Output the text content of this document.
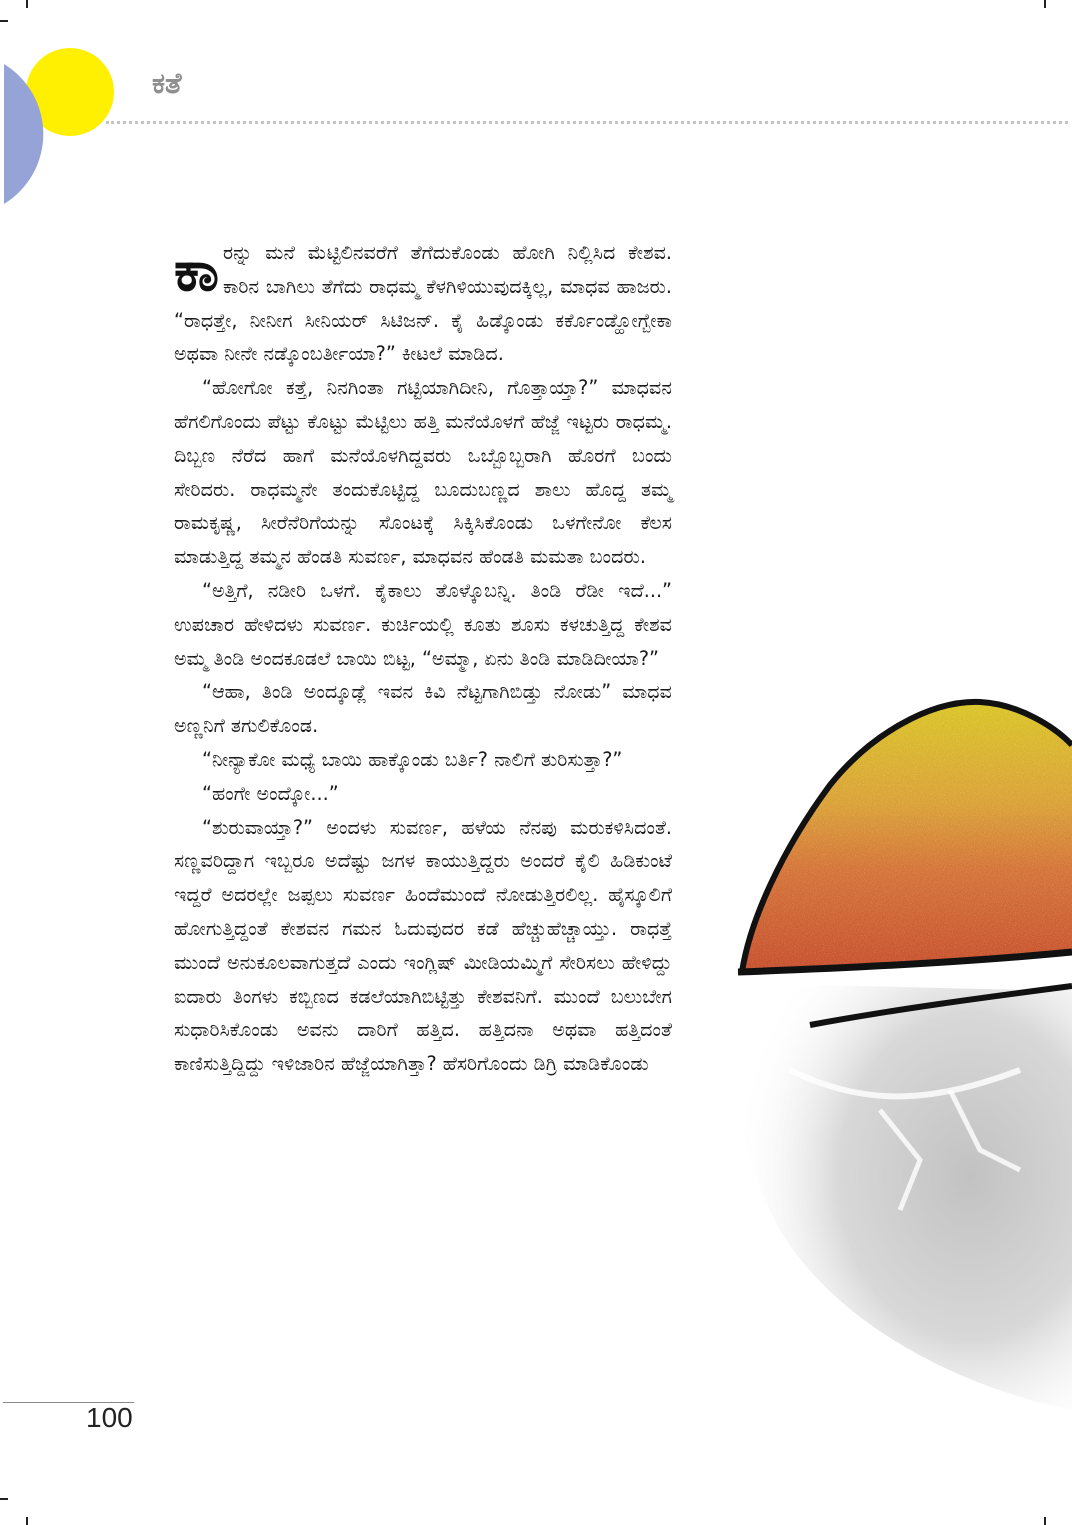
ಕತೆ

ಕಾರನ್ನು ಮನೆ ಮೆಟ್ಟಿಲಿನವರೆಗೆ ತೆಗೆದುಕೊಂಡು ಹೋಗಿ ನಿಲ್ಲಿಸಿದ ಕೇಶವ. ಕಾರಿನ ಬಾಗಿಲು ತೆಗೆದು ರಾಧಮ್ಮ ಕೆಳಗಿಳಿಯುವುದಕ್ಕಿಲ್ಲ, ಮಾಧವ ಹಾಜರು. “ರಾಧತ್ತೇ, ನೀನೀಗ ಸೀನಿಯರ್ ಸಿಟಿಜನ್. ಕೈ ಹಿಡ್ಕೊಂಡು ಕರ್ಕೊಂಡ್ಹೋಗ್ಬೇಕಾ ಅಥವಾ ನೀನೇ ನಡ್ಕೊಂಬರ್ತೀಯಾ?” ಕೀಟಲೆ ಮಾಡಿದ.

“ಹೋಗೋ ಕತ್ತೆ, ನಿನಗಿಂತಾ ಗಟ್ಟಿಯಾಗಿದೀನಿ, ಗೊತ್ತಾಯ್ತಾ?” ಮಾಧವನ ಹೆಗಲಿಗೊಂದು ಪೆಟ್ಟು ಕೊಟ್ಟು ಮೆಟ್ಟಿಲು ಹತ್ತಿ ಮನೆಯೊಳಗೆ ಹೆಜ್ಜೆ ಇಟ್ಟರು ರಾಧಮ್ಮ. ದಿಬ್ಬಣ ನೆರೆದ ಹಾಗೆ ಮನೆಯೊಳಗಿದ್ದವರು ಒಬ್ಬೊಬ್ಬರಾಗಿ ಹೊರಗೆ ಬಂದು ಸೇರಿದರು. ರಾಧಮ್ಮನೇ ತಂದುಕೊಟ್ಟಿದ್ದ ಬೂದುಬಣ್ಣದ ಶಾಲು ಹೊದ್ದ ತಮ್ಮ ರಾಮಕೃಷ್ಣ, ಸೀರೆನೆರಿಗೆಯನ್ನು ಸೊಂಟಕ್ಕೆ ಸಿಕ್ಕಿಸಿಕೊಂಡು ಒಳಗೇನೋ ಕೆಲಸ ಮಾಡುತ್ತಿದ್ದ ತಮ್ಮನ ಹೆಂಡತಿ ಸುವರ್ಣ, ಮಾಧವನ ಹೆಂಡತಿ ಮಮತಾ ಬಂದರು.

“ಅತ್ತಿಗೆ, ನಡೀರಿ ಒಳಗೆ. ಕೈಕಾಲು ತೊಳ್ಕೊಬನ್ನಿ. ತಿಂಡಿ ರೆಡೀ ಇದೆ...” ಉಪಚಾರ ಹೇಳಿದಳು ಸುವರ್ಣ. ಕುರ್ಚಿಯಲ್ಲಿ ಕೂತು ಶೂಸು ಕಳಚುತ್ತಿದ್ದ ಕೇಶವ ಅಮ್ಮ ತಿಂಡಿ ಅಂದಕೂಡಲೆ ಬಾಯಿ ಬಿಟ್ಟ, “ಅಮ್ಮಾ, ಏನು ತಿಂಡಿ ಮಾಡಿದೀಯಾ?”

“ಆಹಾ, ತಿಂಡಿ ಅಂದ್ಕೂಡ್ಲೆ ಇವನ ಕಿವಿ ನೆಟ್ಟಗಾಗಿಬಿಡ್ತು ನೋಡು” ಮಾಧವ ಅಣ್ಣನಿಗೆ ತಗುಲಿಕೊಂಡ.

“ನೀನ್ಯಾಕೋ ಮಧ್ಯೆ ಬಾಯಿ ಹಾಕ್ಕೊಂಡು ಬರ್ತಿ? ನಾಲಿಗೆ ತುರಿಸುತ್ತಾ?”

“ಹಂಗೇ ಅಂದ್ಕೋ...”

“ಶುರುವಾಯ್ತಾ?” ಅಂದಳು ಸುವರ್ಣ, ಹಳೆಯ ನೆನಪು ಮರುಕಳಿಸಿದಂತೆ. ಸಣ್ಣವರಿದ್ದಾಗ ಇಬ್ಬರೂ ಅದೆಷ್ಟು ಜಗಳ ಕಾಯುತ್ತಿದ್ದರು ಅಂದರೆ ಕೈಲಿ ಹಿಡಿಕುಂಟೆ ಇದ್ದರೆ ಅದರಲ್ಲೇ ಜಪ್ಪಲು ಸುವರ್ಣ ಹಿಂದೆಮುಂದೆ ನೋಡುತ್ತಿರಲಿಲ್ಲ. ಹೈಸ್ಕೂಲಿಗೆ ಹೋಗುತ್ತಿದ್ದಂತೆ ಕೇಶವನ ಗಮನ ಓದುವುದರ ಕಡೆ ಹೆಚ್ಚುಹೆಚ್ಚಾಯ್ತು. ರಾಧತ್ತೆ ಮುಂದೆ ಅನುಕೂಲವಾಗುತ್ತದೆ ಎಂದು ಇಂಗ್ಲಿಷ್ ಮೀಡಿಯಮ್ಮಿಗೆ ಸೇರಿಸಲು ಹೇಳಿದ್ದು ಐದಾರು ತಿಂಗಳು ಕಬ್ಬಿಣದ ಕಡಲೆಯಾಗಿಬಿಟ್ಟಿತ್ತು ಕೇಶವನಿಗೆ. ಮುಂದೆ ಬಲುಬೇಗ ಸುಧಾರಿಸಿಕೊಂಡು ಅವನು ದಾರಿಗೆ ಹತ್ತಿದ. ಹತ್ತಿದನಾ ಅಥವಾ ಹತ್ತಿದಂತೆ ಕಾಣಿಸುತ್ತಿದ್ದಿದ್ದು ಇಳಿಜಾರಿನ ಹೆಜ್ಜೆಯಾಗಿತ್ತಾ? ಹೆಸರಿಗೊಂದು ಡಿಗ್ರಿ ಮಾಡಿಕೊಂಡು

100
